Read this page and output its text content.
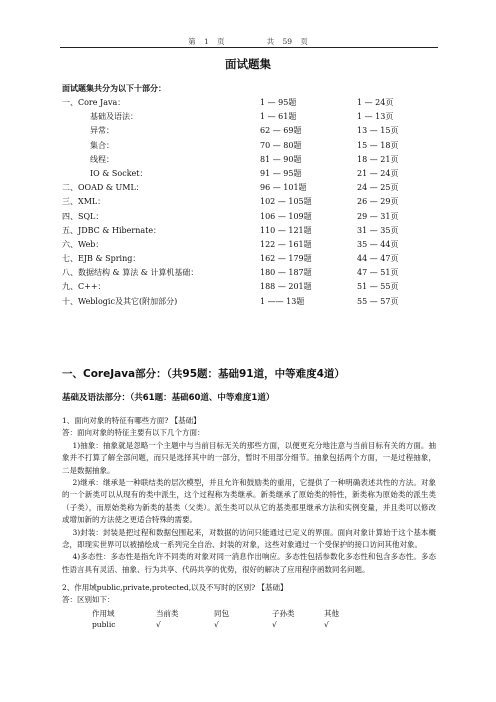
第 1 页	共 59 页
面试题集
面试题集共分为以下十部分：
一、Core Java：	1 — 95题	1 — 24页
基础及语法：	1 — 61题	1 — 13页
异常：	62 — 69题	13 — 15页
集合：	70 — 80题	15 — 18页
线程：	81 — 90题	18 — 21页
IO & Socket：	91 — 95题	21 — 24页
二、OOAD & UML：	96 — 101题	24 — 25页
三、XML：	102 — 105题	26 — 29页
四、SQL：	106 — 109题	29 — 31页
五、JDBC & Hibernate：	110 — 121题	31 — 35页
六、Web：	122 — 161题	35 — 44页
七、EJB & Spring：	162 — 179题	44 — 47页
八、数据结构 & 算法 & 计算机基础：	180 — 187题	47 — 51页
九、C++：	188 — 201题	51 — 55页
十、Weblogic及其它(附加部分)	1 —— 13题	55 — 57页
一、CoreJava部分：（共95题：基础91道，中等难度4道）
基础及语法部分：（共61题：基础60道、中等难度1道）
1、面向对象的特征有哪些方面? 【基础】
答：面向对象的特征主要有以下几个方面：
1)抽象：抽象就是忽略一个主题中与当前目标无关的那些方面，以便更充分地注意与当前目标有关的方面。抽象并不打算了解全部问题，而只是选择其中的一部分，暂时不用部分细节。抽象包括两个方面，一是过程抽象，二是数据抽象。
2)继承：继承是一种联结类的层次模型，并且允许和鼓励类的重用，它提供了一种明确表述共性的方法。对象的一个新类可以从现有的类中派生，这个过程称为类继承。新类继承了原始类的特性，新类称为原始类的派生类（子类），而原始类称为新类的基类（父类）。派生类可以从它的基类那里继承方法和实例变量，并且类可以修改或增加新的方法使之更适合特殊的需要。
3)封装：封装是把过程和数据包围起来，对数据的访问只能通过已定义的界面。面向对象计算始于这个基本概念，即现实世界可以被描绘成一系列完全自治、封装的对象，这些对象通过一个受保护的接口访问其他对象。
4)多态性：多态性是指允许不同类的对象对同一消息作出响应。多态性包括参数化多态性和包含多态性。多态性语言具有灵活、抽象、行为共享、代码共享的优势，很好的解决了应用程序函数同名问题。
2、作用域public,private,protected,以及不写时的区别? 【基础】
答：区别如下：
作用域	当前类	同包	子孙类	其他
public	√	√	√	√
